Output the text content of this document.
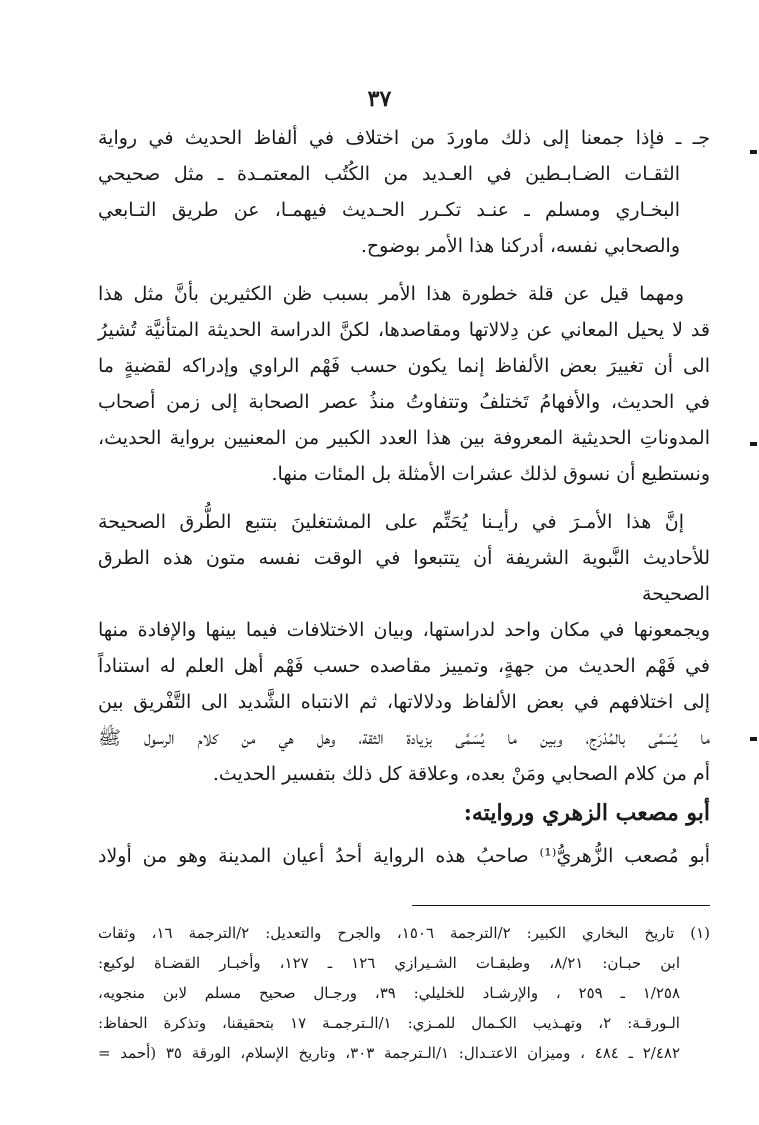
٣٧

جـ ـ فإذا جمعنا إلى ذلك ماوردَ من اختلاف في ألفاظ الحديث في رواية
الثقـات الضـابـطين في العـديد من الكُتُب المعتمـدة ـ مثل صحيحي
البخـاري ومسلم ـ عنـد تكـرر الحـديث فيهمـا، عن طريق التـابعي
والصحابي نفسه، أدركنا هذا الأمر بوضوح.

ومهما قيل عن قلة خطورة هذا الأمر بسبب ظن الكثيرين بأنَّ مثل هذا
قد لا يحيل المعاني عن دِلالاتها ومقاصدها، لكنَّ الدراسة الحديثة المتأنيَّة تُشيرُ
الى أن تغييرَ بعض الألفاظ إنما يكون حسب فَهْم الراوي وإدراكه لقضيةٍ ما
في الحديث، والأفهامُ تَختلفُ وتتفاوتُ منذُ عصر الصحابة إلى زمن أصحاب
المدوناتِ الحديثية المعروفة بين هذا العدد الكبير من المعنيين برواية الحديث،
ونستطيع أن نسوق لذلك عشرات الأمثلة بل المئات منها.

إنَّ هذا الأمـرَ في رأيـنا يُحَتِّم على المشتغلينَ بتتبع الطُّرق الصحيحة
للأحاديث النَّبوية الشريفة أن يتتبعوا في الوقت نفسه متون هذه الطرق الصحيحة
ويجمعونها في مكان واحد لدراستها، وبيان الاختلافات فيما بينها والإفادة منها
في فَهْم الحديث من جهةٍ، وتمييز مقاصده حسب فَهْم أهل العلم له استناداً
إلى اختلافهم في بعض الألفاظ ودلالاتها، ثم الانتباه الشَّديد الى التَّفْريق بين
ما يُسَمَّى بالمُدْرَج، وبين ما يُسَمَّى بزيادة الثقة، وهل هي من كلام الرسول ﷺ
أم من كلام الصحابي ومَنْ بعده، وعلاقة كل ذلك بتفسير الحديث.

أبو مصعب الزهري وروايته:
أبو مُصعب الزُّهريُّ⁽¹⁾ صاحبُ هذه الرواية أحدُ أعيان المدينة وهو من أولاد
(١) تاريخ البخاري الكبير: ٢/الترجمة ١٥٠٦، والجرح والتعديل: ٢/الترجمة ١٦، وثقات
ابن حبـان: ٨/٢١، وطبقـات الشـيرازي ١٢٦ ـ ١٢٧، وأخبـار القضـاة لوكيع:
١/٢٥٨ ـ ٢٥٩ ، والإرشـاد للخليلي: ٣٩، ورجـال صحيح مسلم لابن منجويه،
الـورقـة: ٢، وتهـذيب الكـمال للمـزي: ١/الـترجمـة ١٧ بتحقيقنا، وتذكرة الحفاظ:
٢/٤٨٢ ـ ٤٨٤ ، وميزان الاعتـدال: ١/الـترجمة ٣٠٣، وتاريخ الإسلام، الورقة ٣٥ (أحمد =
